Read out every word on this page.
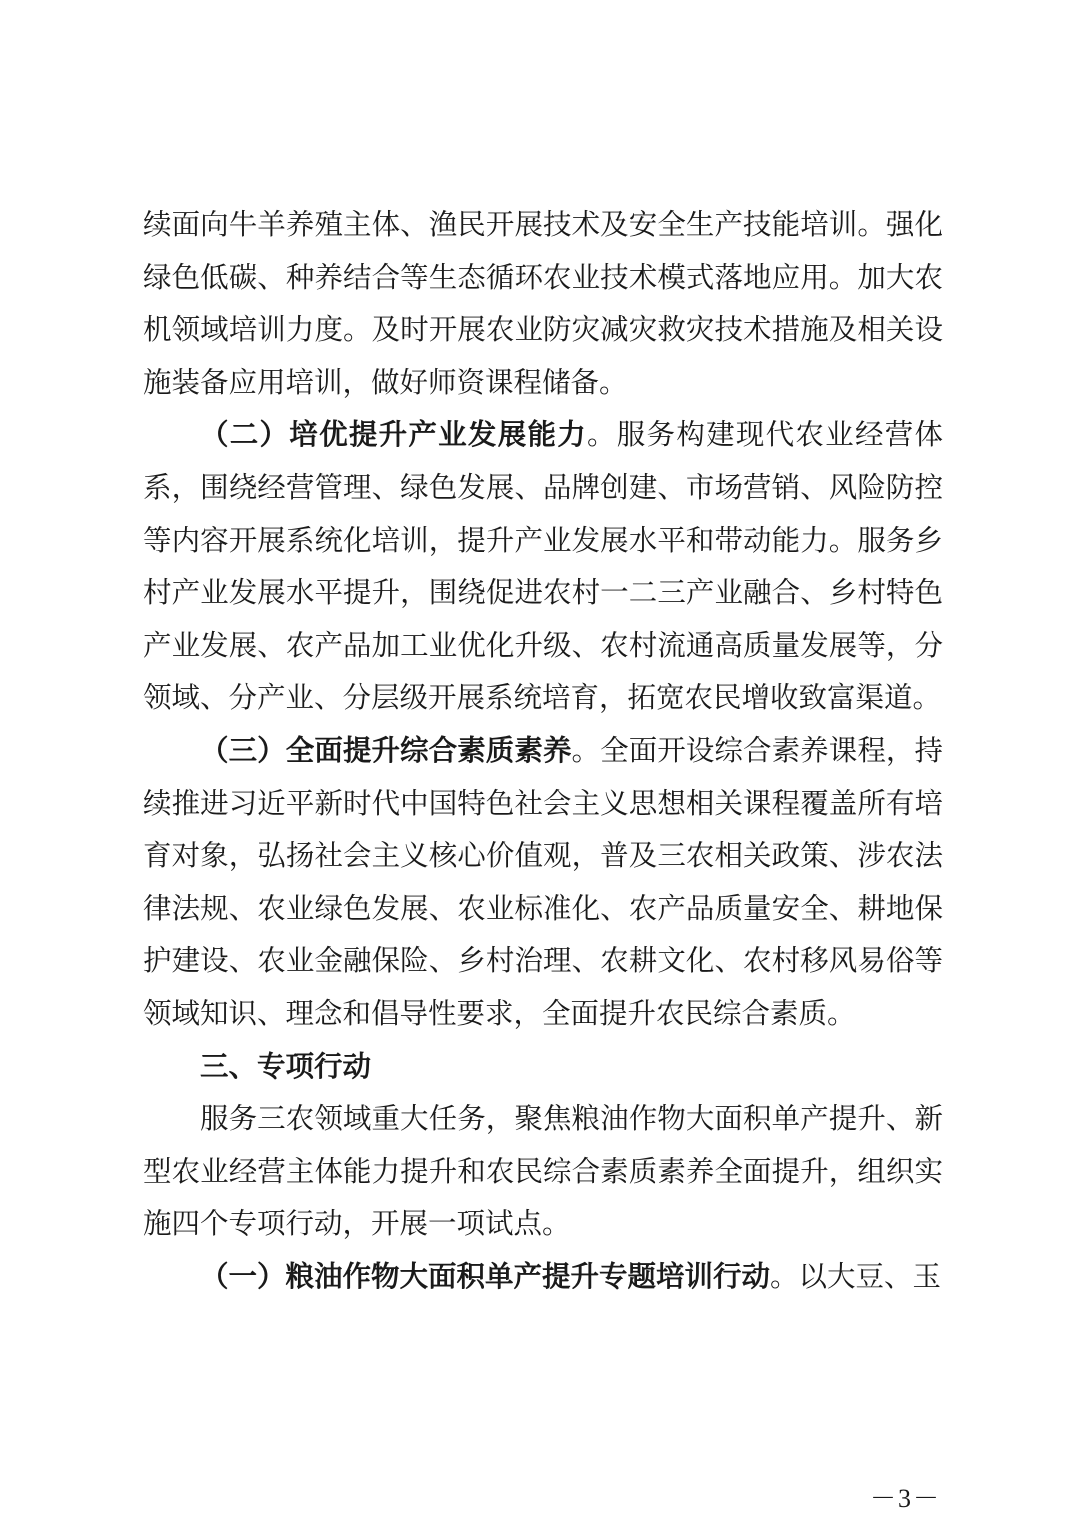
续面向牛羊养殖主体、渔民开展技术及安全生产技能培训。强化绿色低碳、种养结合等生态循环农业技术模式落地应用。加大农机领域培训力度。及时开展农业防灾减灾救灾技术措施及相关设施装备应用培训，做好师资课程储备。

（二）培优提升产业发展能力。服务构建现代农业经营体系，围绕经营管理、绿色发展、品牌创建、市场营销、风险防控等内容开展系统化培训，提升产业发展水平和带动能力。服务乡村产业发展水平提升，围绕促进农村一二三产业融合、乡村特色产业发展、农产品加工业优化升级、农村流通高质量发展等，分领域、分产业、分层级开展系统培育，拓宽农民增收致富渠道。

（三）全面提升综合素质素养。全面开设综合素养课程，持续推进习近平新时代中国特色社会主义思想相关课程覆盖所有培育对象，弘扬社会主义核心价值观，普及三农相关政策、涉农法律法规、农业绿色发展、农业标准化、农产品质量安全、耕地保护建设、农业金融保险、乡村治理、农耕文化、农村移风易俗等领域知识、理念和倡导性要求，全面提升农民综合素质。

三、专项行动

服务三农领域重大任务，聚焦粮油作物大面积单产提升、新型农业经营主体能力提升和农民综合素质素养全面提升，组织实施四个专项行动，开展一项试点。

（一）粮油作物大面积单产提升专题培训行动。以大豆、玉

－3－
